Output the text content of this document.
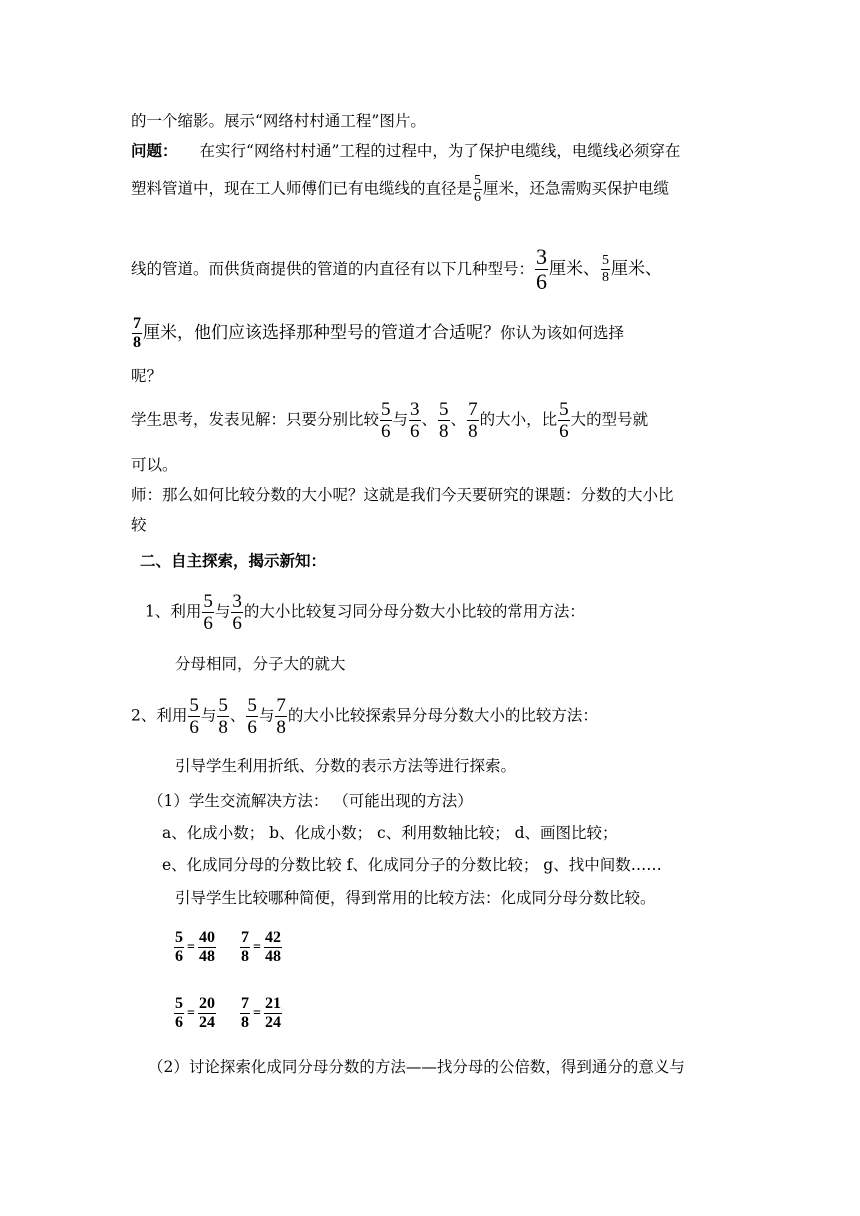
的一个缩影。展示“网络村村通工程”图片。
问题： 在实行“网络村村通”工程的过程中，为了保护电缆线，电缆线必须穿在
塑料管道中，现在工人师傅们已有电缆线的直径是 $\frac{5}{6}$ 厘米，还急需购买保护电缆
线的管道。而供货商提供的管道的内直径有以下几种型号： $\frac{3}{6}$ 厘米、 $\frac{5}{8}$ 厘米、
$\frac{7}{8}$ 厘米，他们应该选择那种型号的管道才合适呢？你认为该如何选择
呢？
学生思考，发表见解：只要分别比较 $\frac{5}{6}$ 与 $\frac{3}{6}$ 、 $\frac{5}{8}$ 、 $\frac{7}{8}$ 的大小，比 $\frac{5}{6}$ 大的型号就
可以。
师：那么如何比较分数的大小呢？这就是我们今天要研究的课题：分数的大小比
较
二、自主探索，揭示新知：
1、利用 $\frac{5}{6}$ 与 $\frac{3}{6}$ 的大小比较复习同分母分数大小比较的常用方法：
分母相同，分子大的就大
2、利用 $\frac{5}{6}$ 与 $\frac{5}{8}$ 、 $\frac{5}{6}$ 与 $\frac{7}{8}$ 的大小比较探索异分母分数大小的比较方法：
引导学生利用折纸、分数的表示方法等进行探索。
（1）学生交流解决方法： （可能出现的方法）
a、化成小数； b、化成小数； c、利用数轴比较； d、画图比较；
e、化成同分母的分数比较 f、化成同分子的分数比较； g、找中间数……
引导学生比较哪种简便，得到常用的比较方法：化成同分母分数比较。
$\frac{5}{6} = \frac{40}{48} \frac{7}{8} = \frac{42}{48}$
$\frac{5}{6} = \frac{20}{24} \frac{7}{8} = \frac{21}{24}$
（2）讨论探索化成同分母分数的方法——找分母的公倍数，得到通分的意义与
